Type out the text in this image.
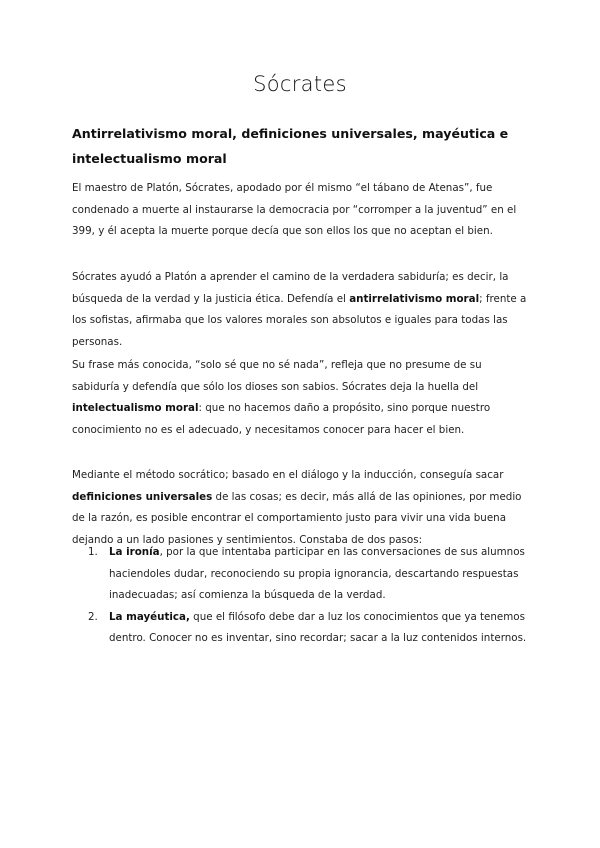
Sócrates
Antirrelativismo moral, definiciones universales, mayéutica e intelectualismo moral

El maestro de Platón, Sócrates, apodado por él mismo “el tábano de Atenas”, fue condenado a muerte al instaurarse la democracia por “corromper a la juventud” en el 399, y él acepta la muerte porque decía que son ellos los que no aceptan el bien.

Sócrates ayudó a Platón a aprender el camino de la verdadera sabiduría; es decir, la búsqueda de la verdad y la justicia ética. Defendía el antirrelativismo moral; frente a los sofistas, afirmaba que los valores morales son absolutos e iguales para todas las personas.

Su frase más conocida, “solo sé que no sé nada”, refleja que no presume de su sabiduría y defendía que sólo los dioses son sabios. Sócrates deja la huella del intelectualismo moral: que no hacemos daño a propósito, sino porque nuestro conocimiento no es el adecuado, y necesitamos conocer para hacer el bien.

Mediante el método socrático; basado en el diálogo y la inducción, conseguía sacar definiciones universales de las cosas; es decir, más allá de las opiniones, por medio de la razón, es posible encontrar el comportamiento justo para vivir una vida buena dejando a un lado pasiones y sentimientos. Constaba de dos pasos:

1. La ironía, por la que intentaba participar en las conversaciones de sus alumnos haciendoles dudar, reconociendo su propia ignorancia, descartando respuestas inadecuadas; así comienza la búsqueda de la verdad.
2. La mayéutica, que el filósofo debe dar a luz los conocimientos que ya tenemos dentro. Conocer no es inventar, sino recordar; sacar a la luz contenidos internos.
